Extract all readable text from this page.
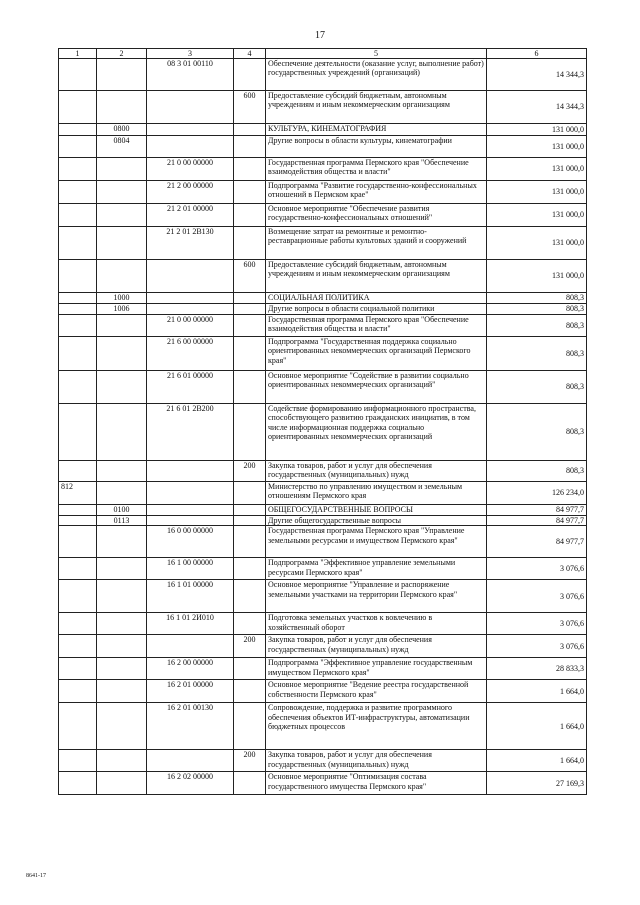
17
1	2	3	4	5	6
		08 3 01 00110		Обеспечение деятельности (оказание услуг, выполнение работ) государственных учреждений (организаций)	14 344,3
			600	Предоставление субсидий бюджетным, автономным учреждениям и иным некоммерческим организациям	14 344,3
	0800			КУЛЬТУРА, КИНЕМАТОГРАФИЯ	131 000,0
	0804			Другие вопросы в области культуры, кинематографии	131 000,0
		21 0 00 00000		Государственная программа Пермского края "Обеспечение взаимодействия общества и власти"	131 000,0
		21 2 00 00000		Подпрограмма "Развитие государственно-конфессиональных отношений в Пермском крае"	131 000,0
		21 2 01 00000		Основное мероприятие "Обеспечение развития государственно-конфессиональных отношений"	131 000,0
		21 2 01 2В130		Возмещение затрат на ремонтные и ремонтно-реставрационные работы культовых зданий и сооружений	131 000,0
			600	Предоставление субсидий бюджетным, автономным учреждениям и иным некоммерческим организациям	131 000,0
	1000			СОЦИАЛЬНАЯ ПОЛИТИКА	808,3
	1006			Другие вопросы в области социальной политики	808,3
		21 0 00 00000		Государственная программа Пермского края "Обеспечение взаимодействия общества и власти"	808,3
		21 6 00 00000		Подпрограмма "Государственная поддержка социально ориентированных некоммерческих организаций Пермского края"	808,3
		21 6 01 00000		Основное мероприятие "Содействие в развитии социально ориентированных некоммерческих организаций"	808,3
		21 6 01 2В200		Содействие формированию информационного пространства, способствующего развитию гражданских инициатив, в том числе информационная поддержка социально ориентированных некоммерческих организаций	808,3
			200	Закупка товаров, работ и услуг для обеспечения государственных (муниципальных) нужд	808,3
812				Министерство по управлению имуществом и земельным отношениям Пермского края	126 234,0
	0100			ОБЩЕГОСУДАРСТВЕННЫЕ ВОПРОСЫ	84 977,7
	0113			Другие общегосударственные вопросы	84 977,7
		16 0 00 00000		Государственная программа Пермского края "Управление земельными ресурсами и имуществом Пермского края"	84 977,7
		16 1 00 00000		Подпрограмма "Эффективное управление земельными ресурсами Пермского края"	3 076,6
		16 1 01 00000		Основное мероприятие "Управление и распоряжение земельными участками на территории Пермского края"	3 076,6
		16 1 01 2И010		Подготовка земельных участков к вовлечению в хозяйственный оборот	3 076,6
			200	Закупка товаров, работ и услуг для обеспечения государственных (муниципальных) нужд	3 076,6
		16 2 00 00000		Подпрограмма "Эффективное управление государственным имуществом Пермского края"	28 833,3
		16 2 01 00000		Основное мероприятие "Ведение реестра государственной собственности Пермского края"	1 664,0
		16 2 01 00130		Сопровождение, поддержка и развитие программного обеспечения объектов ИТ-инфраструктуры, автоматизации бюджетных процессов	1 664,0
			200	Закупка товаров, работ и услуг для обеспечения государственных (муниципальных) нужд	1 664,0
		16 2 02 00000		Основное мероприятие "Оптимизация состава государственного имущества Пермского края"	27 169,3
8641-17
